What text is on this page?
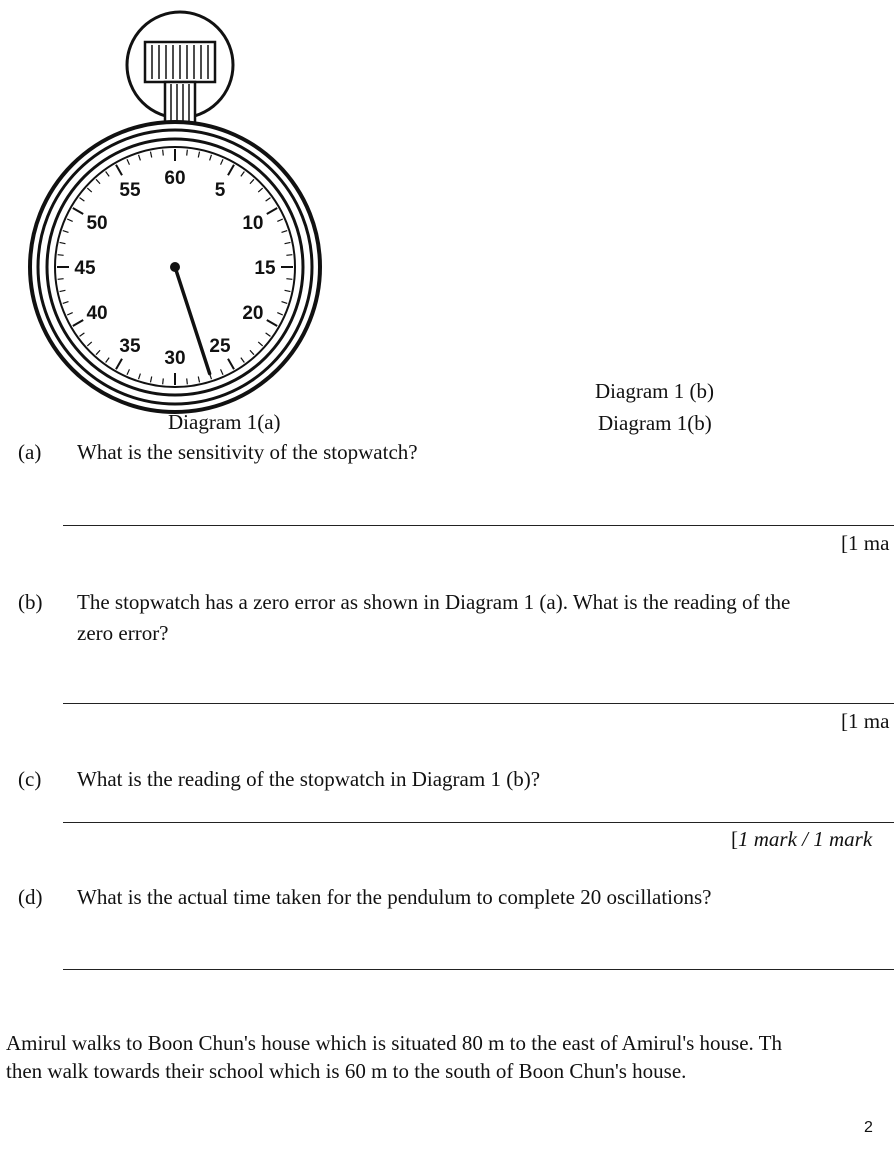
60
5
10
15
20
25
30
35
40
45
50
55
Diagram 1(a)
Diagram 1 (b)
Diagram 1(b)
(a) What is the sensitivity of the stopwatch?
[1 ma
(b) The stopwatch has a zero error as shown in Diagram 1 (a). What is the reading of the
zero error?
[1 ma
(c) What is the reading of the stopwatch in Diagram 1 (b)?
[1 mark / 1 mark
(d) What is the actual time taken for the pendulum to complete 20 oscillations?
Amirul walks to Boon Chun's house which is situated 80 m to the east of Amirul's house. Th
then walk towards their school which is 60 m to the south of Boon Chun's house.
2
